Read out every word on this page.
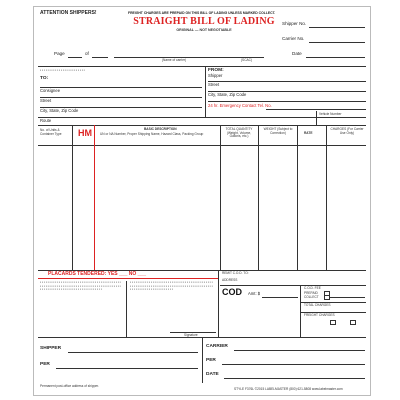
ATTENTION SHIPPERS!	FREIGHT CHARGES ARE PREPAID ON THIS BILL OF LADING UNLESS MARKED COLLECT.
STRAIGHT BILL OF LADING
ORIGINAL — NOT NEGOTIABLE
Shipper No.
Carrier No.
Page	of
(Name of carrier)	(SCAC)
Date
▪ ▪ ▪ ▪ ▪ ▪ ▪ ▪ ▪ ▪ ▪ ▪ ▪ ▪ ▪ ▪ ▪ ▪ ▪ ▪ ▪ ▪ ▪ ▪
TO:
Consignee
Street
City, State, Zip Code
FROM:
Shipper
Street
City, State, Zip Code
24 hr. Emergency Contact Tel. No.
Route
Vehicle Number
No. of Units & Container Type	HM	BASIC DESCRIPTION
UN or NA Number, Proper Shipping Name, Hazard Class, Packing Group
TOTAL QUANTITY (Weight, Volume, Gallons, etc.)
WEIGHT (Subject to Correction)	RATE
CHARGES (For Carrier Use Only)
PLACARDS TENDERED: YES ___ NO ___	REMIT C.O.D. TO:
ADDRESS
▪ ▪ ▪ ▪ ▪ ▪ ▪ ▪ ▪ ▪ ▪ ▪ ▪ ▪ ▪ ▪ ▪ ▪ ▪ ▪ ▪ ▪ ▪ ▪ ▪ ▪ ▪ ▪ ▪ ▪ ▪ ▪ ▪ ▪ ▪ ▪ ▪ ▪ ▪ ▪ ▪ ▪ ▪ ▪ ▪ ▪ ▪ ▪ ▪ ▪ ▪ ▪ ▪ ▪ ▪ ▪ ▪ ▪ ▪ ▪ ▪ ▪ ▪ ▪ ▪ ▪ ▪ ▪ ▪ ▪ ▪ ▪ ▪ ▪ ▪ ▪ ▪ ▪ ▪ ▪ ▪ ▪ ▪ ▪ ▪ ▪ ▪ ▪ ▪ ▪ ▪ ▪ ▪ ▪ ▪ ▪ ▪ ▪ ▪ ▪ ▪ ▪ ▪ ▪ ▪ ▪ ▪ ▪ ▪ ▪ ▪ ▪ ▪ ▪ ▪ ▪ ▪ ▪ ▪
▪ ▪ ▪ ▪ ▪ ▪ ▪ ▪ ▪ ▪ ▪ ▪ ▪ ▪ ▪ ▪ ▪ ▪ ▪ ▪ ▪ ▪ ▪ ▪ ▪ ▪ ▪ ▪ ▪ ▪ ▪ ▪ ▪ ▪ ▪ ▪ ▪ ▪ ▪ ▪ ▪ ▪ ▪ ▪ ▪ ▪ ▪ ▪ ▪ ▪ ▪ ▪ ▪ ▪ ▪ ▪ ▪ ▪ ▪ ▪ ▪ ▪ ▪ ▪ ▪ ▪ ▪ ▪ ▪ ▪ ▪ ▪ ▪ ▪ ▪ ▪ ▪ ▪ ▪ ▪ ▪ ▪ ▪ ▪ ▪ ▪ ▪ ▪ ▪ ▪ ▪ ▪ ▪ ▪ ▪ ▪ ▪ ▪ ▪ ▪ ▪ ▪ ▪ ▪ ▪ ▪ ▪ ▪ ▪ ▪ ▪
Signature
COD Amt: $
C.O.D. FEE
PREPAID
COLLECT
TOTAL CHARGES
FREIGHT CHARGES
SHIPPER
PER
CARRIER
PER
DATE
Permanent post-office address of shipper.
STYLE F376L ©2015 LABELMASTER (800) 621-5808 www.labelmaster.com
